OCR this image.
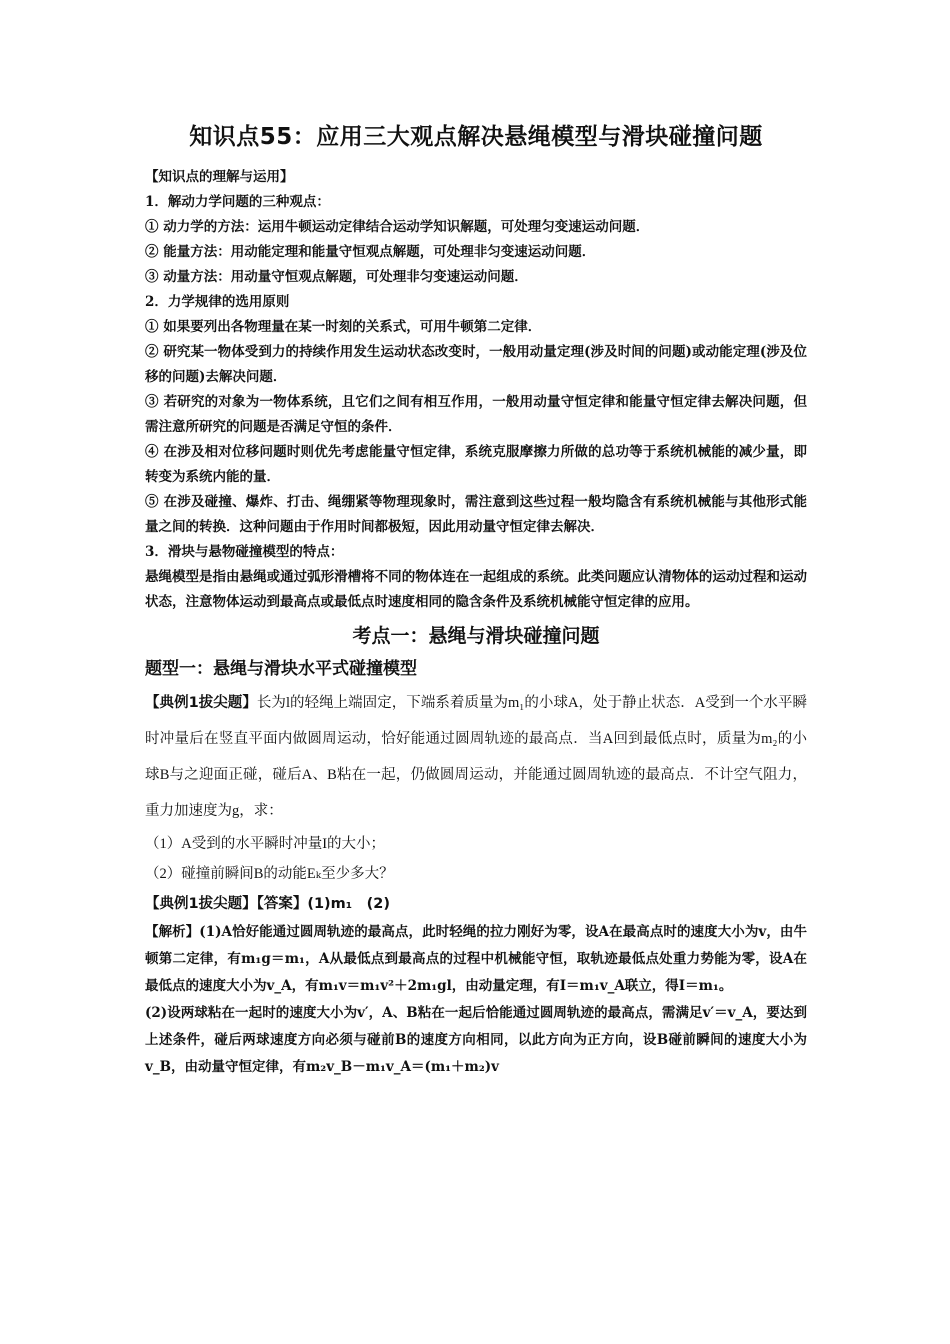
知识点55：应用三大观点解决悬绳模型与滑块碰撞问题

【知识点的理解与运用】

1．解动力学问题的三种观点：

① 动力学的方法：运用牛顿运动定律结合运动学知识解题，可处理匀变速运动问题．

② 能量方法：用动能定理和能量守恒观点解题，可处理非匀变速运动问题．

③ 动量方法：用动量守恒观点解题，可处理非匀变速运动问题．

2．力学规律的选用原则

① 如果要列出各物理量在某一时刻的关系式，可用牛顿第二定律．

② 研究某一物体受到力的持续作用发生运动状态改变时，一般用动量定理(涉及时间的问题)或动能定理(涉及位移的问题)去解决问题．

③ 若研究的对象为一物体系统，且它们之间有相互作用，一般用动量守恒定律和能量守恒定律去解决问题，但需注意所研究的问题是否满足守恒的条件．

④ 在涉及相对位移问题时则优先考虑能量守恒定律，系统克服摩擦力所做的总功等于系统机械能的减少量，即转变为系统内能的量．

⑤ 在涉及碰撞、爆炸、打击、绳绷紧等物理现象时，需注意到这些过程一般均隐含有系统机械能与其他形式能量之间的转换．这种问题由于作用时间都极短，因此用动量守恒定律去解决．

3．滑块与悬物碰撞模型的特点：

悬绳模型是指由悬绳或通过弧形滑槽将不同的物体连在一起组成的系统。此类问题应认清物体的运动过程和运动状态，注意物体运动到最高点或最低点时速度相同的隐含条件及系统机械能守恒定律的应用。

考点一：悬绳与滑块碰撞问题
题型一：悬绳与滑块水平式碰撞模型

【典例1拔尖题】长为l的轻绳上端固定，下端系着质量为m₁的小球A，处于静止状态．A受到一个水平瞬时冲量后在竖直平面内做圆周运动，恰好能通过圆周轨迹的最高点．当A回到最低点时，质量为m₂的小球B与之迎面正碰，碰后A、B粘在一起，仍做圆周运动，并能通过圆周轨迹的最高点．不计空气阻力，重力加速度为g，求：

（1）A受到的水平瞬时冲量I的大小；

（2）碰撞前瞬间B的动能Eₖ至少多大？

【典例1拔尖题】【答案】(1)m₁　(2)

【解析】(1)A恰好能通过圆周轨迹的最高点，此时轻绳的拉力刚好为零，设A在最高点时的速度大小为v，由牛顿第二定律，有m₁g＝m₁，A从最低点到最高点的过程中机械能守恒，取轨迹最低点处重力势能为零，设A在最低点的速度大小为v_A，有m₁v＝m₁v²＋2m₁gl，由动量定理，有I＝m₁v_A联立，得I＝m₁。

(2)设两球粘在一起时的速度大小为v′，A、B粘在一起后恰能通过圆周轨迹的最高点，需满足v′＝v_A，要达到上述条件，碰后两球速度方向必须与碰前B的速度方向相同，以此方向为正方向，设B碰前瞬间的速度大小为v_B，由动量守恒定律，有m₂v_B－m₁v_A＝(m₁＋m₂)v
